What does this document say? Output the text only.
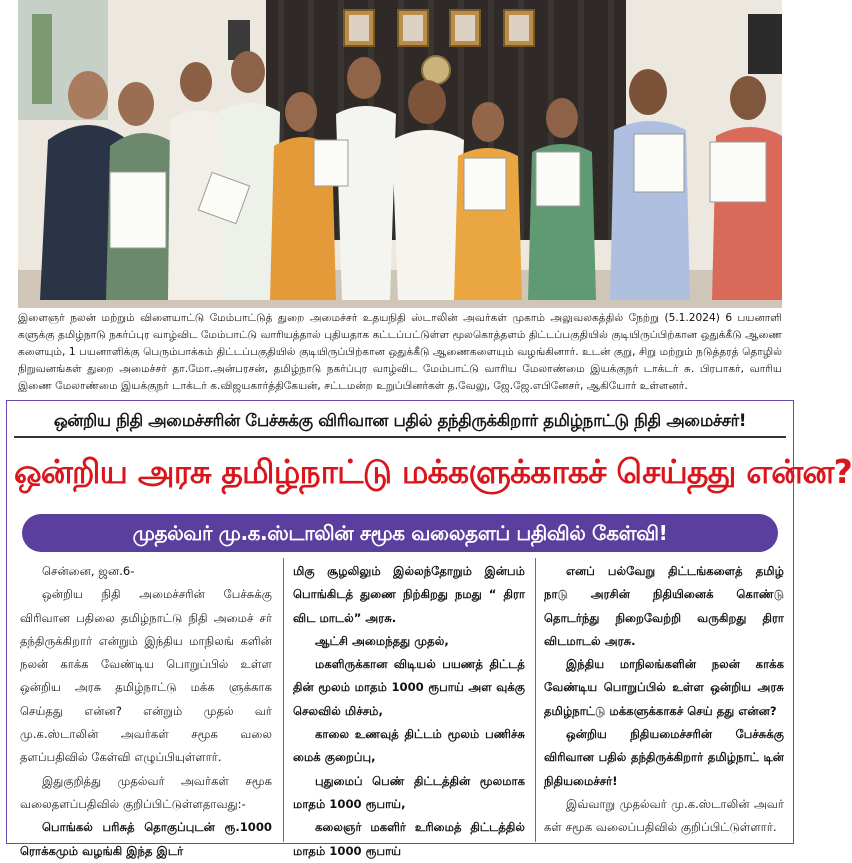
இளைஞர் நலன் மற்றும் விளையாட்டு மேம்பாட்டுத் துறை அமைச்சர் உதயநிதி ஸ்டாலின் அவர்கள் முகாம் அலுவலகத்தில் நேற்று (5.1.2024) 6 பயனாளி களுக்கு தமிழ்நாடு நகர்ப்புர வாழ்விட மேம்பாட்டு வாரியத்தால் புதியதாக கட்டப்பட்டுள்ள மூலகொத்தளம் திட்டப்பகுதியில் குடியிருப்பிற்கான ஒதுக்கீடு ஆணை களையும், 1 பயனாளிக்கு பெரும்பாக்கம் திட்டப்பகுதியில் குடியிருப்பிற்கான ஒதுக்கீடு ஆணைகளையும் வழங்கினார். உடன் குறு, சிறு மற்றும் நடுத்தரத் தொழில் நிறுவனங்கள் துறை அமைச்சர் தா.மோ.அன்பரசன், தமிழ்நாடு நகர்ப்புர வாழ்விட மேம்பாட்டு வாரிய மேலாண்மை இயக்குநர் டாக்டர் சு. பிரபாகர், வாரிய இணை மேலாண்மை இயக்குநர் டாக்டர் க.விஜயகார்த்திகேயன், சட்டமன்ற உறுப்பினர்கள் த.வேலு, ஜே.ஜே.எபினேசர், ஆகியோர் உள்ளனர்.
ஒன்றிய நிதி அமைச்சரின் பேச்சுக்கு விரிவான பதில் தந்திருக்கிறார் தமிழ்நாட்டு நிதி அமைச்சர்!
ஒன்றிய அரசு தமிழ்நாட்டு மக்களுக்காகச் செய்தது என்ன?
முதல்வர் மு.க.ஸ்டாலின் சமூக வலைதளப் பதிவில் கேள்வி!

சென்னை, ஜன.6-

ஒன்றிய நிதி அமைச்சரின் பேச்சுக்கு விரிவான பதிலை தமிழ்நாட்டு நிதி அமைச் சர் தந்திருக்கிறார் என்றும் இந்திய மாநிலங் களின் நலன் காக்க வேண்டிய பொறுப்பில் உள்ள ஒன்றிய அரசு தமிழ்நாட்டு மக்க ளுக்காக செய்தது என்ன? என்றும் முதல் வர் மு.க.ஸ்டாலின் அவர்கள் சமூக வலை தளப்பதிவில் கேள்வி எழுப்பியுள்ளார்.

இதுகுறித்து முதல்வர் அவர்கள் சமூக வலைதளப்பதிவில் குறிப்பிட்டுள்ளதாவது:-

பொங்கல் பரிசுத் தொகுப்புடன் ரூ.1000 ரொக்கமும் வழங்கி இந்த இடர்

மிகு சூழலிலும் இல்லந்தோறும் இன்பம் பொங்கிடத் துணை நிற்கிறது நமது “ திரா விட மாடல்” அரசு.

ஆட்சி அமைந்தது முதல்,

மகளிருக்கான விடியல் பயணத் திட்டத் தின் மூலம் மாதம் 1000 ரூபாய் அள வுக்கு செலவில் மிச்சம்,

காலை உணவுத் திட்டம் மூலம் பணிச்சு மைக் குறைப்பு,

புதுமைப் பெண் திட்டத்தின் மூலமாக மாதம் 1000 ரூபாய்,

கலைஞர் மகளிர் உரிமைத் திட்டத்தில் மாதம் 1000 ரூபாய்

எனப் பல்வேறு திட்டங்களைத் தமிழ் நாடு அரசின் நிதியினைக் கொண்டு தொடர்ந்து நிறைவேற்றி வருகிறது திரா விடமாடல் அரசு.

இந்திய மாநிலங்களின் நலன் காக்க வேண்டிய பொறுப்பில் உள்ள ஒன்றிய அரசு தமிழ்நாட்டு மக்களுக்காகச் செய் தது என்ன?

ஒன்றிய நிதியமைச்சரின் பேச்சுக்கு விரிவான பதில் தந்திருக்கிறார் தமிழ்நாட் டின் நிதியமைச்சர்!

இவ்வாறு முதல்வர் மு.க.ஸ்டாலின் அவர் கள் சமூக வலைப்பதிவில் குறிப்பிட்டுள்ளார்.
